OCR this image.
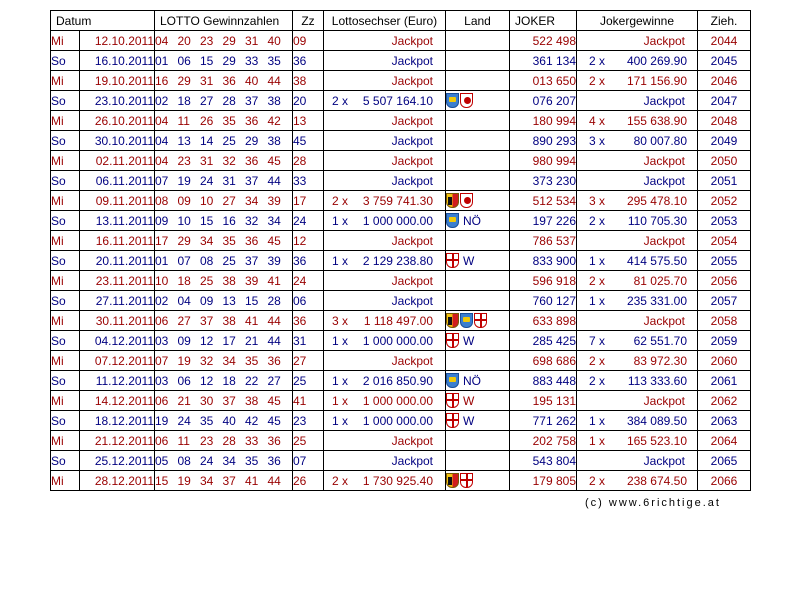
Datum		LOTTO Gewinnzahlen	Zz	Lottosechser (Euro)	Land	JOKER	Jokergewinne	Zieh.
Mi	12.10.2011	04 20 23 29 31 40	09	Jackpot		522 498	Jackpot	2044
So	16.10.2011	01 06 15 29 33 35	36	Jackpot		361 134	2 x 400 269.90	2045
Mi	19.10.2011	16 29 31 36 40 44	38	Jackpot		013 650	2 x 171 156.90	2046
So	23.10.2011	02 18 27 28 37 38	20	2 x 5 507 164.10		076 207	Jackpot	2047
Mi	26.10.2011	04 11 26 35 36 42	13	Jackpot		180 994	4 x 155 638.90	2048
So	30.10.2011	04 13 14 25 29 38	45	Jackpot		890 293	3 x 80 007.80	2049
Mi	02.11.2011	04 23 31 32 36 45	28	Jackpot		980 994	Jackpot	2050
So	06.11.2011	07 19 24 31 37 44	33	Jackpot		373 230	Jackpot	2051
Mi	09.11.2011	08 09 10 27 34 39	17	2 x 3 759 741.30		512 534	3 x 295 478.10	2052
So	13.11.2011	09 10 15 16 32 34	24	1 x 1 000 000.00	NÖ	197 226	2 x 110 705.30	2053
Mi	16.11.2011	17 29 34 35 36 45	12	Jackpot		786 537	Jackpot	2054
So	20.11.2011	01 07 08 25 37 39	36	1 x 2 129 238.80	W	833 900	1 x 414 575.50	2055
Mi	23.11.2011	10 18 25 38 39 41	24	Jackpot		596 918	2 x 81 025.70	2056
So	27.11.2011	02 04 09 13 15 28	06	Jackpot		760 127	1 x 235 331.00	2057
Mi	30.11.2011	06 27 37 38 41 44	36	3 x 1 118 497.00		633 898	Jackpot	2058
So	04.12.2011	03 09 12 17 21 44	31	1 x 1 000 000.00	W	285 425	7 x 62 551.70	2059
Mi	07.12.2011	07 19 32 34 35 36	27	Jackpot		698 686	2 x 83 972.30	2060
So	11.12.2011	03 06 12 18 22 27	25	1 x 2 016 850.90	NÖ	883 448	2 x 113 333.60	2061
Mi	14.12.2011	06 21 30 37 38 45	41	1 x 1 000 000.00	W	195 131	Jackpot	2062
So	18.12.2011	19 24 35 40 42 45	23	1 x 1 000 000.00	W	771 262	1 x 384 089.50	2063
Mi	21.12.2011	06 11 23 28 33 36	25	Jackpot		202 758	1 x 165 523.10	2064
So	25.12.2011	05 08 24 34 35 36	07	Jackpot		543 804	Jackpot	2065
Mi	28.12.2011	15 19 34 37 41 44	26	2 x 1 730 925.40		179 805	2 x 238 674.50	2066
(c) www.6richtige.at
